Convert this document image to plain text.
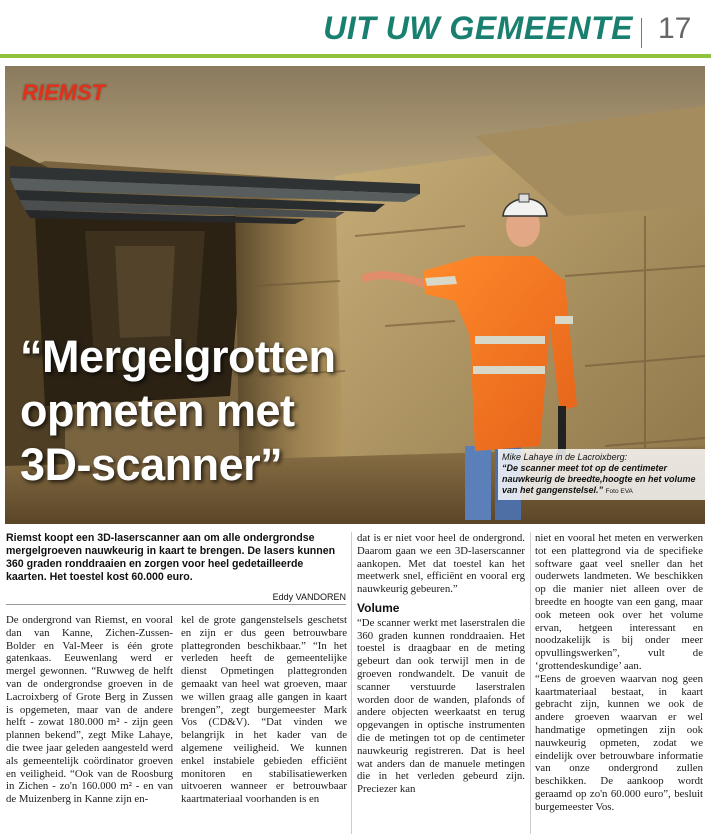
UIT UW GEMEENTE 17
RIEMST
“Mergelgrotten
opmeten met
3D-scanner”	Mike Lahaye in de Lacroixberg:
“De scanner meet tot op de centimeter nauwkeurig de breedte,hoogte en het volume van het gangenstelsel.” Foto EVA
Riemst koopt een 3D-laserscanner aan om alle ondergrondse mergelgroeven nauwkeurig in kaart te brengen. De lasers kunnen 360 graden ronddraaien en zorgen voor heel gedetailleerde kaarten. Het toestel kost 60.000 euro.
Eddy VANDOREN

De ondergrond van Riemst, en vooral dan van Kanne, Zichen-Zussen-Bolder en Val-Meer is één grote gatenkaas. Eeuwenlang werd er mergel gewonnen. “Ruwweg de helft van de ondergrondse groeven in de Lacroixberg of Grote Berg in Zussen is opgemeten, maar van de andere helft - zowat 180.000 m² - zijn geen plannen bekend”, zegt Mike Lahaye, die twee jaar geleden aangesteld werd als gemeentelijk coördinator groeven en veiligheid. “Ook van de Roosburg in Zichen - zo'n 160.000 m² - en van de Muizenberg in Kanne zijn en-

kel de grote gangenstelsels geschetst en zijn er dus geen betrouwbare plattegronden beschikbaar.” “In het verleden heeft de gemeentelijke dienst Opmetingen plattegronden gemaakt van heel wat groeven, maar we willen graag alle gangen in kaart brengen”, zegt burgemeester Mark Vos (CD&V). “Dat vinden we belangrijk in het kader van de algemene veiligheid. We kunnen enkel instabiele gebieden efficiënt monitoren en stabilisatiewerken uitvoeren wanneer er betrouwbaar kaartmateriaal voorhanden is en

dat is er niet voor heel de ondergrond. Daarom gaan we een 3D-laserscanner aankopen. Met dat toestel kan het meetwerk snel, efficiënt en vooral erg nauwkeurig gebeuren.”

Volume

“De scanner werkt met laserstralen die 360 graden kunnen ronddraaien. Het toestel is draagbaar en de meting gebeurt dan ook terwijl men in de groeven rondwandelt. De vanuit de scanner verstuurde laserstralen worden door de wanden, plafonds of andere objecten weerkaatst en terug opgevangen in optische instrumenten die de metingen tot op de centimeter nauwkeurig registreren. Dat is heel wat anders dan de manuele metingen die in het verleden gebeurd zijn. Preciezer kan

niet en vooral het meten en verwerken tot een plattegrond via de specifieke software gaat veel sneller dan het ouderwets landmeten. We beschikken op die manier niet alleen over de breedte en hoogte van een gang, maar ook meteen ook over het volume ervan, hetgeen interessant en noodzakelijk is bij onder meer opvullingswerken”, vult de ‘grottendeskundige’ aan.

“Eens de groeven waarvan nog geen kaartmateriaal bestaat, in kaart gebracht zijn, kunnen we ook de andere groeven waarvan er wel handmatige opmetingen zijn ook nauwkeurig opmeten, zodat we eindelijk over betrouwbare informatie van onze ondergrond zullen beschikken. De aankoop wordt geraamd op zo'n 60.000 euro”, besluit burgemeester Vos.
